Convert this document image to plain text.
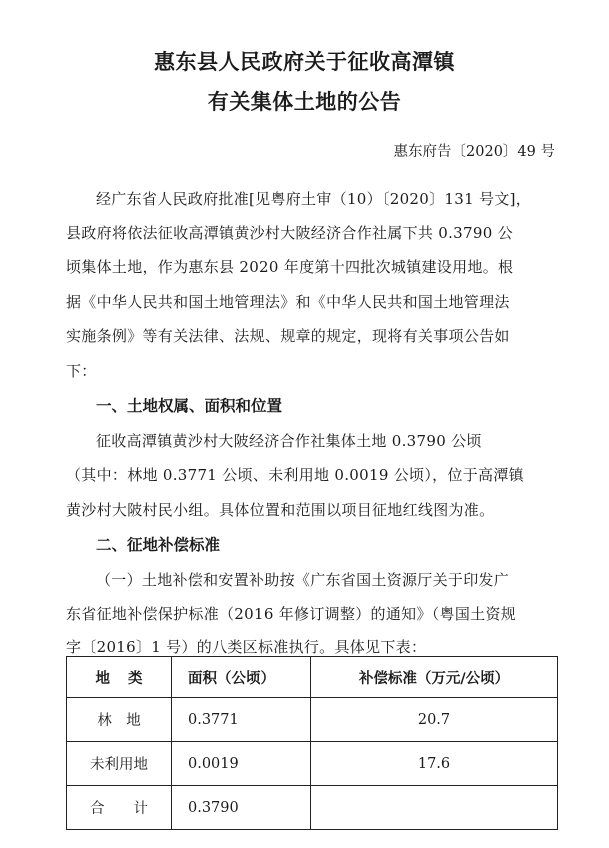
惠东县人民政府关于征收高潭镇
有关集体土地的公告
惠东府告〔2020〕49 号
经广东省人民政府批准[见粤府土审（10）〔2020〕131 号文]，
县政府将依法征收高潭镇黄沙村大陂经济合作社属下共 0.3790 公
顷集体土地，作为惠东县 2020 年度第十四批次城镇建设用地。根
据《中华人民共和国土地管理法》和《中华人民共和国土地管理法
实施条例》等有关法律、法规、规章的规定，现将有关事项公告如
下：
一、土地权属、面积和位置
征收高潭镇黄沙村大陂经济合作社集体土地 0.3790 公顷
（其中：林地 0.3771 公顷、未利用地 0.0019 公顷），位于高潭镇
黄沙村大陂村民小组。具体位置和范围以项目征地红线图为准。
二、征地补偿标准
（一）土地补偿和安置补助按《广东省国土资源厅关于印发广
东省征地补偿保护标准（2016 年修订调整）的通知》（粤国土资规
字〔2016〕1 号）的八类区标准执行。具体见下表：
地类	面积（公顷）	补偿标准（万元/公顷）
林　地	0.3771	20.7
未利用地	0.0019	17.6
合　　计	0.3790	
